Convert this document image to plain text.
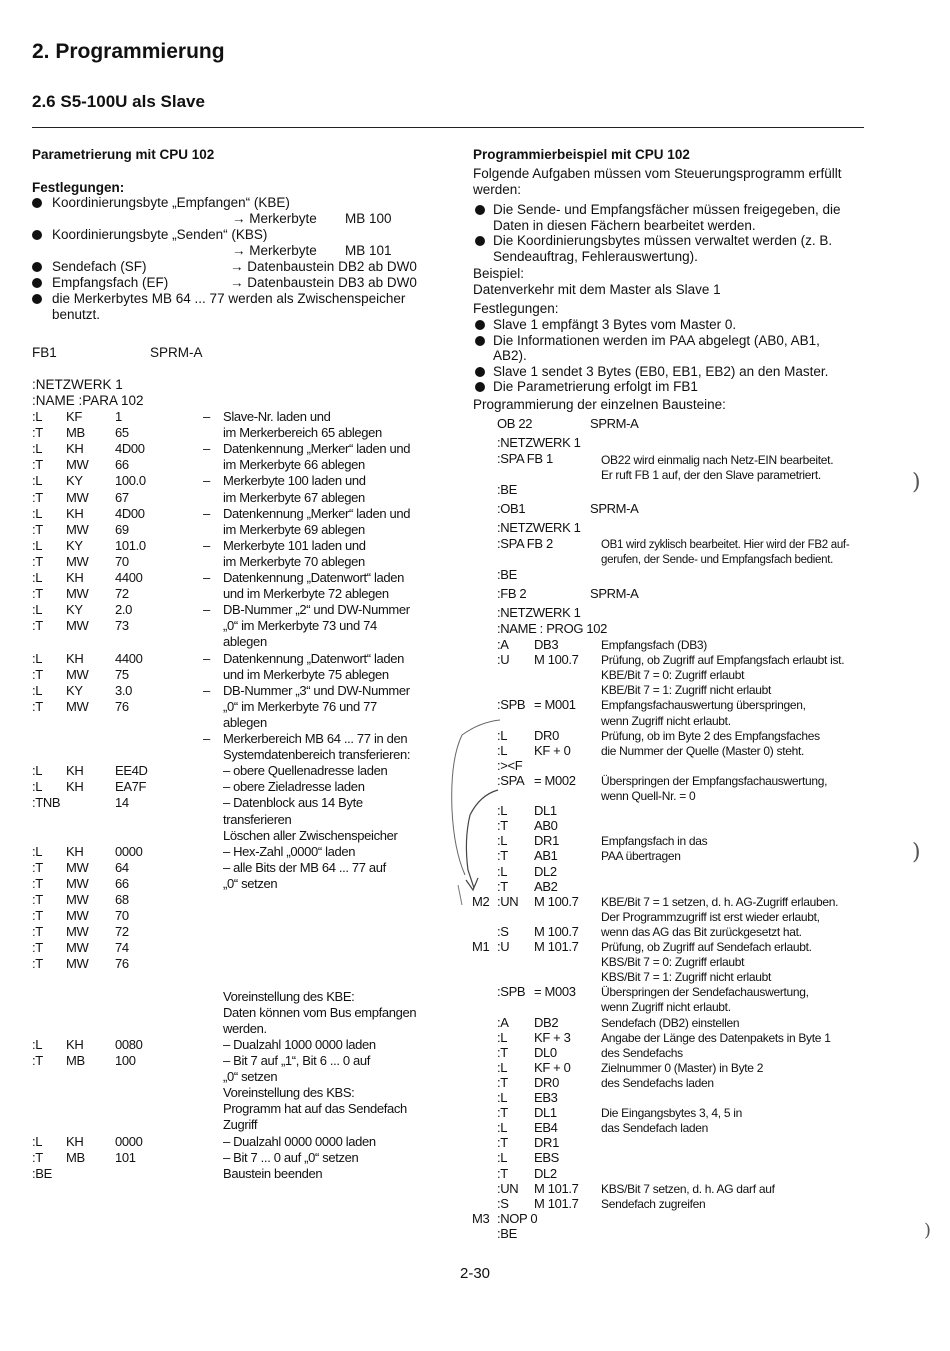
2. Programmierung
2.6 S5-100U als Slave
Parametrierung mit CPU 102
Festlegungen:
Koordinierungsbyte „Empfangen“ (KBE)
→ Merkerbyte MB 100
Koordinierungsbyte „Senden“ (KBS)
→ Merkerbyte MB 101
Sendefach (SF)	→ Datenbaustein DB2 ab DW0
Empfangsfach (EF)	→ Datenbaustein DB3 ab DW0
die Merkerbytes MB 64 ... 77 werden als Zwischenspeicher
benutzt.
FB1	SPRM-A
:NETZWERK 1
:NAME :PARA 102
:L KF	1	– Slave-Nr. laden und
:T MB 65	im Merkerbereich 65 ablegen
:L KH 4D00	– Datenkennung „Merker“ laden und
:T MW 66	im Merkerbyte 66 ablegen
:L KY 100.0	– Merkerbyte 100 laden und
:T MW 67	im Merkerbyte 67 ablegen
:L KH 4D00	– Datenkennung „Merker“ laden und
:T MW 69	im Merkerbyte 69 ablegen
:L KY 101.0	– Merkerbyte 101 laden und
:T MW 70	im Merkerbyte 70 ablegen
:L KH 4400	– Datenkennung „Datenwort“ laden
:T MW 72	und im Merkerbyte 72 ablegen
:L KY 2.0	– DB-Nummer „2“ und DW-Nummer
:T MW 73	„0“ im Merkerbyte 73 und 74
ablegen
:L KH 4400	– Datenkennung „Datenwort“ laden
:T MW 75	und im Merkerbyte 75 ablegen
:L KY 3.0	– DB-Nummer „3“ und DW-Nummer
:T MW 76	„0“ im Merkerbyte 76 und 77
ablegen
– Merkerbereich MB 64 ... 77 in den
Systemdatenbereich transferieren:
:L KH EE4D	– obere Quellenadresse laden
:L KH EA7F	– obere Zieladresse laden
:TNB	14	– Datenblock aus 14 Byte
transferieren
Löschen aller Zwischenspeicher
:L KH 0000	– Hex-Zahl „0000“ laden
:T MW 64	– alle Bits der MB 64 ... 77 auf
:T MW 66	„0“ setzen
:T MW 68
:T MW 70
:T MW 72
:T MW 74
:T MW 76
Voreinstellung des KBE:
Daten können vom Bus empfangen
werden.
:L KH 0080	– Dualzahl 1000 0000 laden
:T MB 100	– Bit 7 auf „1“, Bit 6 ... 0 auf
„0“ setzen
Voreinstellung des KBS:
Programm hat auf das Sendefach
Zugriff
:L KH 0000	– Dualzahl 0000 0000 laden
:T MB 101	– Bit 7 ... 0 auf „0“ setzen
:BE	Baustein beenden
Programmierbeispiel mit CPU 102
Folgende Aufgaben müssen vom Steuerungsprogramm erfüllt
werden:
Die Sende- und Empfangsfächer müssen freigegeben, die
Daten in diesen Fächern bearbeitet werden.
Die Koordinierungsbytes müssen verwaltet werden (z. B.
Sendeauftrag, Fehlerauswertung).
Beispiel:
Datenverkehr mit dem Master als Slave 1
Festlegungen:
Slave 1 empfängt 3 Bytes vom Master 0.
Die Informationen werden im PAA abgelegt (AB0, AB1,
AB2).
Slave 1 sendet 3 Bytes (EB0, EB1, EB2) an den Master.
Die Parametrierung erfolgt im FB1
Programmierung der einzelnen Bausteine:
OB 22	SPRM-A
:NETZWERK 1
:SPA FB 1	OB22 wird einmalig nach Netz-EIN bearbeitet.
Er ruft FB 1 auf, der den Slave parametriert.
:BE
:OB1	SPRM-A
:NETZWERK 1
:SPA FB 2	OB1 wird zyklisch bearbeitet. Hier wird der FB2 auf-
gerufen, der Sende- und Empfangsfach bedient.
:BE
:FB 2	SPRM-A
:NETZWERK 1
:NAME : PROG 102
:A DB3	Empfangsfach (DB3)
:U M 100.7 Prüfung, ob Zugriff auf Empfangsfach erlaubt ist.
KBE/Bit 7 = 0: Zugriff erlaubt
KBE/Bit 7 = 1: Zugriff nicht erlaubt
:SPB = M001 Empfangsfachauswertung überspringen,
wenn Zugriff nicht erlaubt.
:L DR0	Prüfung, ob im Byte 2 des Empfangsfaches
:L KF + 0	die Nummer der Quelle (Master 0) steht.
:><F
:SPA = M002 Überspringen der Empfangsfachauswertung,
wenn Quell-Nr. = 0
:L DL1
:T AB0
:L DR1	Empfangsfach in das
:T AB1	PAA übertragen
:L DL2
:T AB2
M2 :UN M 100.7 KBE/Bit 7 = 1 setzen, d. h. AG-Zugriff erlauben.
Der Programmzugriff ist erst wieder erlaubt,
:S M 100.7 wenn das AG das Bit zurückgesetzt hat.
M1 :U M 101.7 Prüfung, ob Zugriff auf Sendefach erlaubt.
KBS/Bit 7 = 0: Zugriff erlaubt
KBS/Bit 7 = 1: Zugriff nicht erlaubt
:SPB = M003 Überspringen der Sendefachauswertung,
wenn Zugriff nicht erlaubt.
:A DB2	Sendefach (DB2) einstellen
:L KF + 3	Angabe der Länge des Datenpakets in Byte 1
:T DL0	des Sendefachs
:L KF + 0	Zielnummer 0 (Master) in Byte 2
:T DR0	des Sendefachs laden
:L EB3
:T DL1	Die Eingangsbytes 3, 4, 5 in
:L EB4	das Sendefach laden
:T DR1
:L EBS
:T DL2
:UN M 101.7 KBS/Bit 7 setzen, d. h. AG darf auf
:S M 101.7 Sendefach zugreifen
M3 :NOP 0
:BE
)
)
)
2-30
